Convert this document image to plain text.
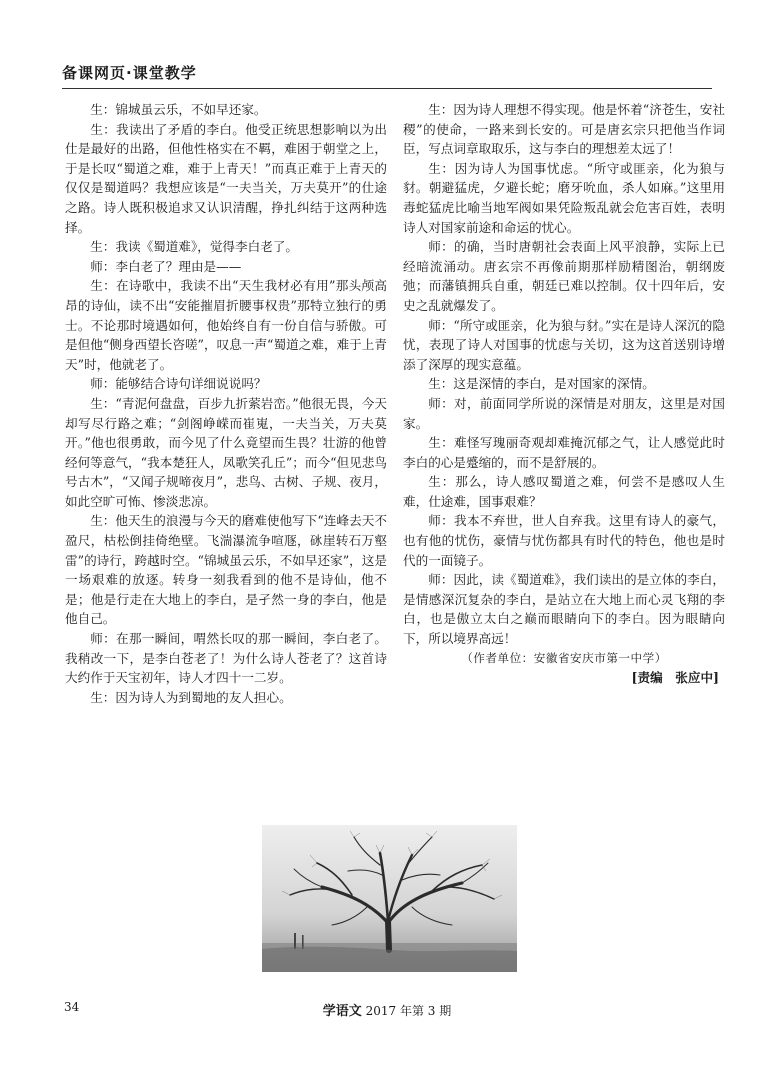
备课网页·课堂教学

生：锦城虽云乐，不如早还家。

生：我读出了矛盾的李白。他受正统思想影响以为出仕是最好的出路，但他性格实在不羁，难困于朝堂之上，于是长叹“蜀道之难，难于上青天！”而真正难于上青天的仅仅是蜀道吗？我想应该是“一夫当关，万夫莫开”的仕途之路。诗人既积极追求又认识清醒，挣扎纠结于这两种选择。

生：我读《蜀道难》，觉得李白老了。

师：李白老了？理由是——

生：在诗歌中，我读不出“天生我材必有用”那头颅高昂的诗仙，读不出“安能摧眉折腰事权贵”那特立独行的勇士。不论那时境遇如何，他始终自有一份自信与骄傲。可是但他“侧身西望长咨嗟”，叹息一声“蜀道之难，难于上青天”时，他就老了。

师：能够结合诗句详细说说吗？

生：“青泥何盘盘，百步九折萦岩峦。”他很无畏，今天却写尽行路之难；“剑阁峥嵘而崔嵬，一夫当关，万夫莫开。”他也很勇敢，而今见了什么竟望而生畏？壮游的他曾经何等意气，“我本楚狂人，凤歌笑孔丘”；而今“但见悲鸟号古木”，“又闻子规啼夜月”，悲鸟、古树、子规、夜月，如此空旷可怖、惨淡悲凉。

生：他天生的浪漫与今天的磨难使他写下“连峰去天不盈尺，枯松倒挂倚绝壁。飞湍瀑流争喧豗，砯崖转石万壑雷”的诗行，跨越时空。“锦城虽云乐，不如早还家”，这是一场艰难的放逐。转身一刻我看到的他不是诗仙，他不是；他是行走在大地上的李白，是孑然一身的李白，他是他自己。

师：在那一瞬间，喟然长叹的那一瞬间，李白老了。我稍改一下，是李白苍老了！为什么诗人苍老了？这首诗大约作于天宝初年，诗人才四十一二岁。

生：因为诗人为到蜀地的友人担心。

生：因为诗人理想不得实现。他是怀着“济苍生，安社稷”的使命，一路来到长安的。可是唐玄宗只把他当作词臣，写点词章取取乐，这与李白的理想差太远了！

生：因为诗人为国事忧虑。“所守或匪亲，化为狼与豺。朝避猛虎，夕避长蛇；磨牙吮血，杀人如麻。”这里用毒蛇猛虎比喻当地军阀如果凭险叛乱就会危害百姓，表明诗人对国家前途和命运的忧心。

师：的确，当时唐朝社会表面上风平浪静，实际上已经暗流涌动。唐玄宗不再像前期那样励精图治，朝纲废弛；而藩镇拥兵自重，朝廷已难以控制。仅十四年后，安史之乱就爆发了。

师：“所守或匪亲，化为狼与豺。”实在是诗人深沉的隐忧，表现了诗人对国事的忧虑与关切，这为这首送别诗增添了深厚的现实意蕴。

生：这是深情的李白，是对国家的深情。

师：对，前面同学所说的深情是对朋友，这里是对国家。

生：难怪写瑰丽奇观却难掩沉郁之气，让人感觉此时李白的心是蹙缩的，而不是舒展的。

生：那么，诗人感叹蜀道之难，何尝不是感叹人生难，仕途难，国事艰难？

师：我本不弃世，世人自弃我。这里有诗人的豪气，也有他的忧伤，豪情与忧伤都具有时代的特色，他也是时代的一面镜子。

师：因此，读《蜀道难》，我们读出的是立体的李白，是情感深沉复杂的李白，是站立在大地上而心灵飞翔的李白，也是傲立太白之巅而眼睛向下的李白。因为眼睛向下，所以境界高远！

（作者单位：安徽省安庆市第一中学）

[责编　张应中]

34	学语文 2017 年第 3 期
